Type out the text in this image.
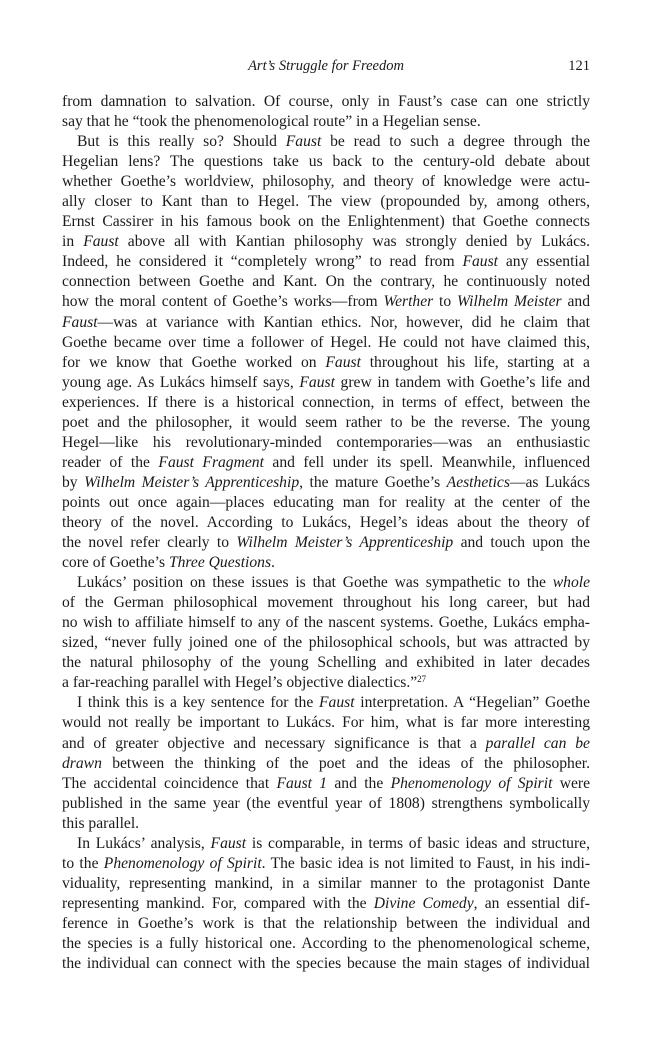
Art’s Struggle for Freedom	121
from damnation to salvation. Of course, only in Faust’s case can one strictly
say that he “took the phenomenological route” in a Hegelian sense.
But is this really so? Should Faust be read to such a degree through the
Hegelian lens? The questions take us back to the century-old debate about
whether Goethe’s worldview, philosophy, and theory of knowledge were actu-
ally closer to Kant than to Hegel. The view (propounded by, among others,
Ernst Cassirer in his famous book on the Enlightenment) that Goethe connects
in Faust above all with Kantian philosophy was strongly denied by Lukács.
Indeed, he considered it “completely wrong” to read from Faust any essential
connection between Goethe and Kant. On the contrary, he continuously noted
how the moral content of Goethe’s works—from Werther to Wilhelm Meister and
Faust—was at variance with Kantian ethics. Nor, however, did he claim that
Goethe became over time a follower of Hegel. He could not have claimed this,
for we know that Goethe worked on Faust throughout his life, starting at a
young age. As Lukács himself says, Faust grew in tandem with Goethe’s life and
experiences. If there is a historical connection, in terms of effect, between the
poet and the philosopher, it would seem rather to be the reverse. The young
Hegel—like his revolutionary-minded contemporaries—was an enthusiastic
reader of the Faust Fragment and fell under its spell. Meanwhile, influenced
by Wilhelm Meister’s Apprenticeship, the mature Goethe’s Aesthetics—as Lukács
points out once again—places educating man for reality at the center of the
theory of the novel. According to Lukács, Hegel’s ideas about the theory of
the novel refer clearly to Wilhelm Meister’s Apprenticeship and touch upon the
core of Goethe’s Three Questions.
Lukács’ position on these issues is that Goethe was sympathetic to the whole
of the German philosophical movement throughout his long career, but had
no wish to affiliate himself to any of the nascent systems. Goethe, Lukács empha-
sized, “never fully joined one of the philosophical schools, but was attracted by
the natural philosophy of the young Schelling and exhibited in later decades
a far-reaching parallel with Hegel’s objective dialectics.”$^{27}$
I think this is a key sentence for the Faust interpretation. A “Hegelian” Goethe
would not really be important to Lukács. For him, what is far more interesting
and of greater objective and necessary significance is that a parallel can be
drawn between the thinking of the poet and the ideas of the philosopher.
The accidental coincidence that Faust 1 and the Phenomenology of Spirit were
published in the same year (the eventful year of 1808) strengthens symbolically
this parallel.
In Lukács’ analysis, Faust is comparable, in terms of basic ideas and structure,
to the Phenomenology of Spirit. The basic idea is not limited to Faust, in his indi-
viduality, representing mankind, in a similar manner to the protagonist Dante
representing mankind. For, compared with the Divine Comedy, an essential dif-
ference in Goethe’s work is that the relationship between the individual and
the species is a fully historical one. According to the phenomenological scheme,
the individual can connect with the species because the main stages of individual
